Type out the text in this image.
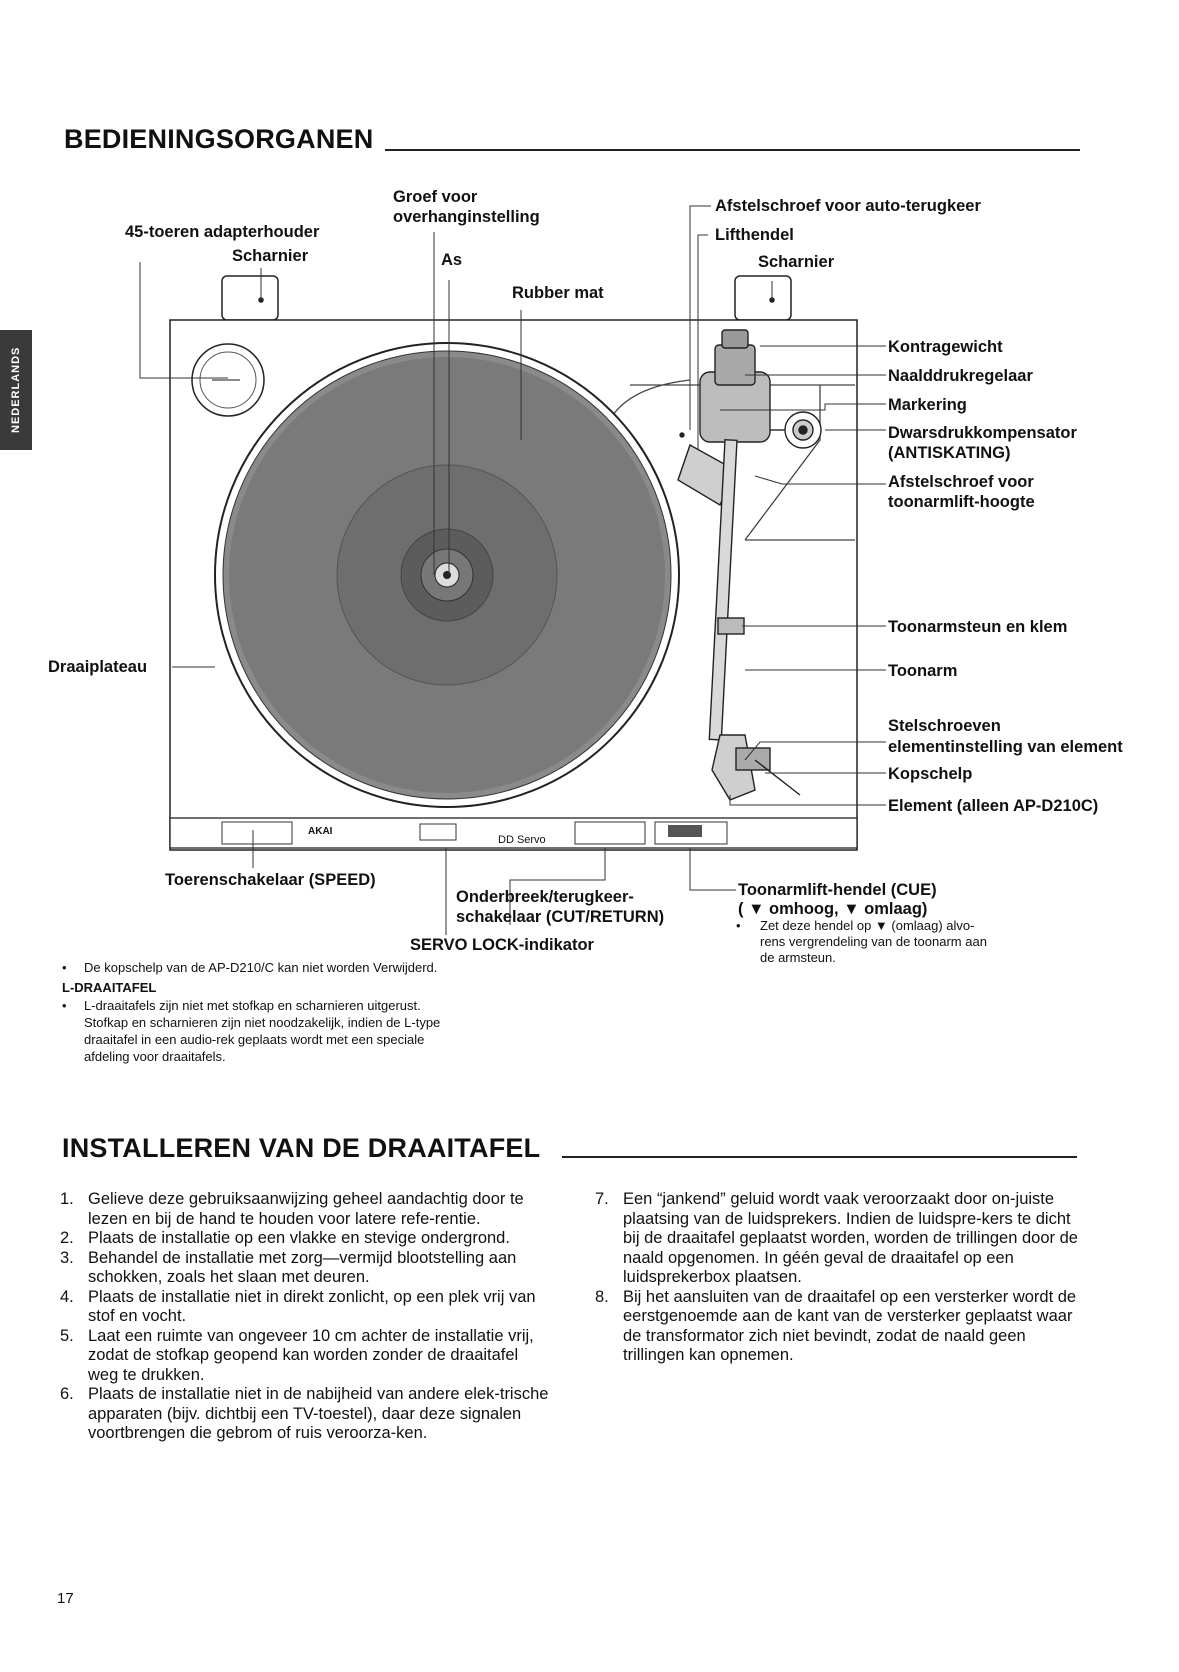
NEDERLANDS
BEDIENINGSORGANEN
45-toeren adapterhouder
Scharnier
Groef voor
overhanginstelling
As
Rubber mat
Afstelschroef voor auto-terugkeer
Lifthendel
Scharnier
Kontragewicht
Naalddrukregelaar
Markering
Dwarsdrukkompensator
(ANTISKATING)
Afstelschroef voor
toonarmlift-hoogte
Draaiplateau
Toonarmsteun en klem
Toonarm
Stelschroeven
elementinstelling van element
Kopschelp
Element (alleen AP-D210C)
AKAI
DD Servo
Toerenschakelaar (SPEED)
Onderbreek/terugkeer-
schakelaar (CUT/RETURN)
SERVO LOCK-indikator
Toonarmlift-hendel (CUE)
( ▼ omhoog, ▼ omlaag)
• Zet deze hendel op ▼ (omlaag) alvo-
rens vergrendeling van de toonarm aan
de armsteun.
• De kopschelp van de AP-D210/C kan niet worden Verwijderd.
L-DRAAITAFEL
• L-draaitafels zijn niet met stofkap en scharnieren uitgerust.
Stofkap en scharnieren zijn niet noodzakelijk, indien de L-type
draaitafel in een audio-rek geplaats wordt met een speciale
afdeling voor draaitafels.
INSTALLEREN VAN DE DRAAITAFEL
1. Gelieve deze gebruiksaanwijzing geheel aandachtig door te lezen en bij de hand te houden voor latere refe-rentie.
2. Plaats de installatie op een vlakke en stevige ondergrond.
3. Behandel de installatie met zorg—vermijd blootstelling aan schokken, zoals het slaan met deuren.
4. Plaats de installatie niet in direkt zonlicht, op een plek vrij van stof en vocht.
5. Laat een ruimte van ongeveer 10 cm achter de installatie vrij, zodat de stofkap geopend kan worden zonder de draaitafel weg te drukken.
6. Plaats de installatie niet in de nabijheid van andere elek-trische apparaten (bijv. dichtbij een TV-toestel), daar deze signalen voortbrengen die gebrom of ruis veroorza-ken.
7. Een “jankend” geluid wordt vaak veroorzaakt door on-juiste plaatsing van de luidsprekers. Indien de luidspre-kers te dicht bij de draaitafel geplaatst worden, worden de trillingen door de naald opgenomen. In géén geval de draaitafel op een luidsprekerbox plaatsen.
8. Bij het aansluiten van de draaitafel op een versterker wordt de eerstgenoemde aan de kant van de versterker geplaatst waar de transformator zich niet bevindt, zodat de naald geen trillingen kan opnemen.
17
